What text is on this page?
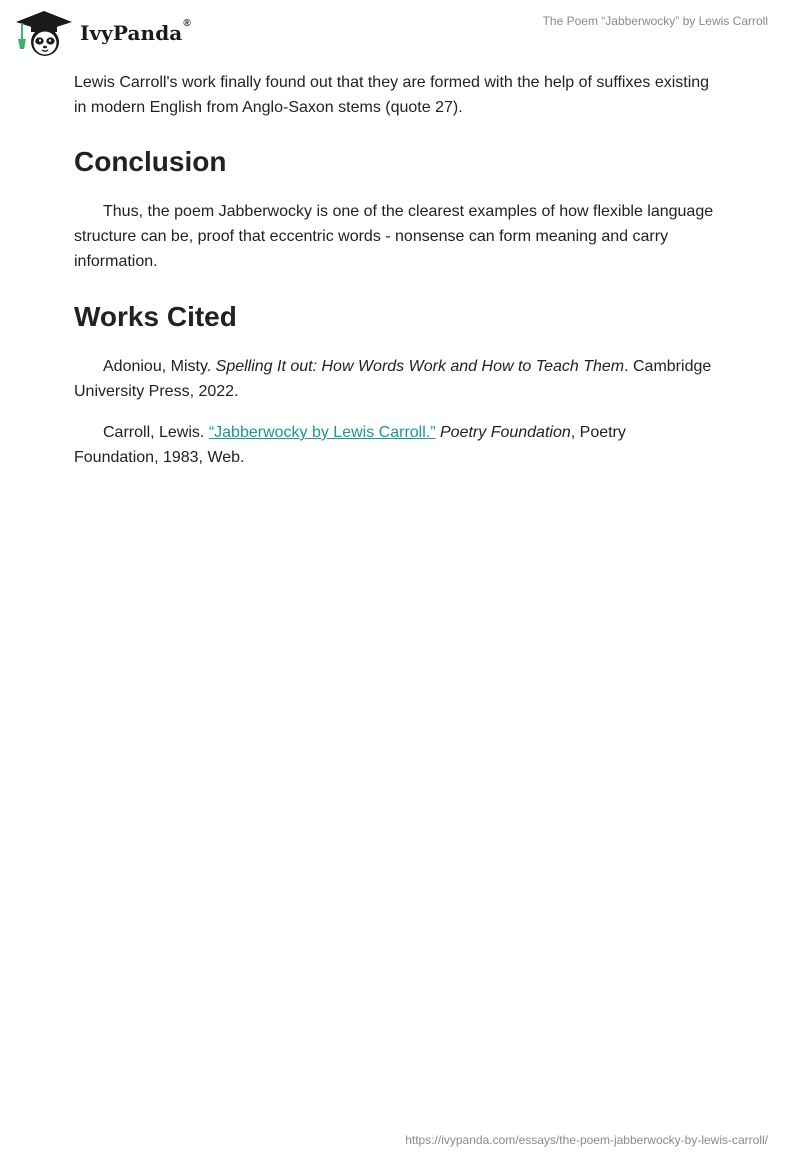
IvyPanda®	The Poem “Jabberwocky” by Lewis Carroll

Lewis Carroll's work finally found out that they are formed with the help of suffixes existing in modern English from Anglo-Saxon stems (quote 27).

Conclusion

Thus, the poem Jabberwocky is one of the clearest examples of how flexible language structure can be, proof that eccentric words - nonsense can form meaning and carry information.

Works Cited

Adoniou, Misty. Spelling It out: How Words Work and How to Teach Them. Cambridge University Press, 2022.

Carroll, Lewis. “Jabberwocky by Lewis Carroll.” Poetry Foundation, Poetry Foundation, 1983, Web.

https://ivypanda.com/essays/the-poem-jabberwocky-by-lewis-carroll/
